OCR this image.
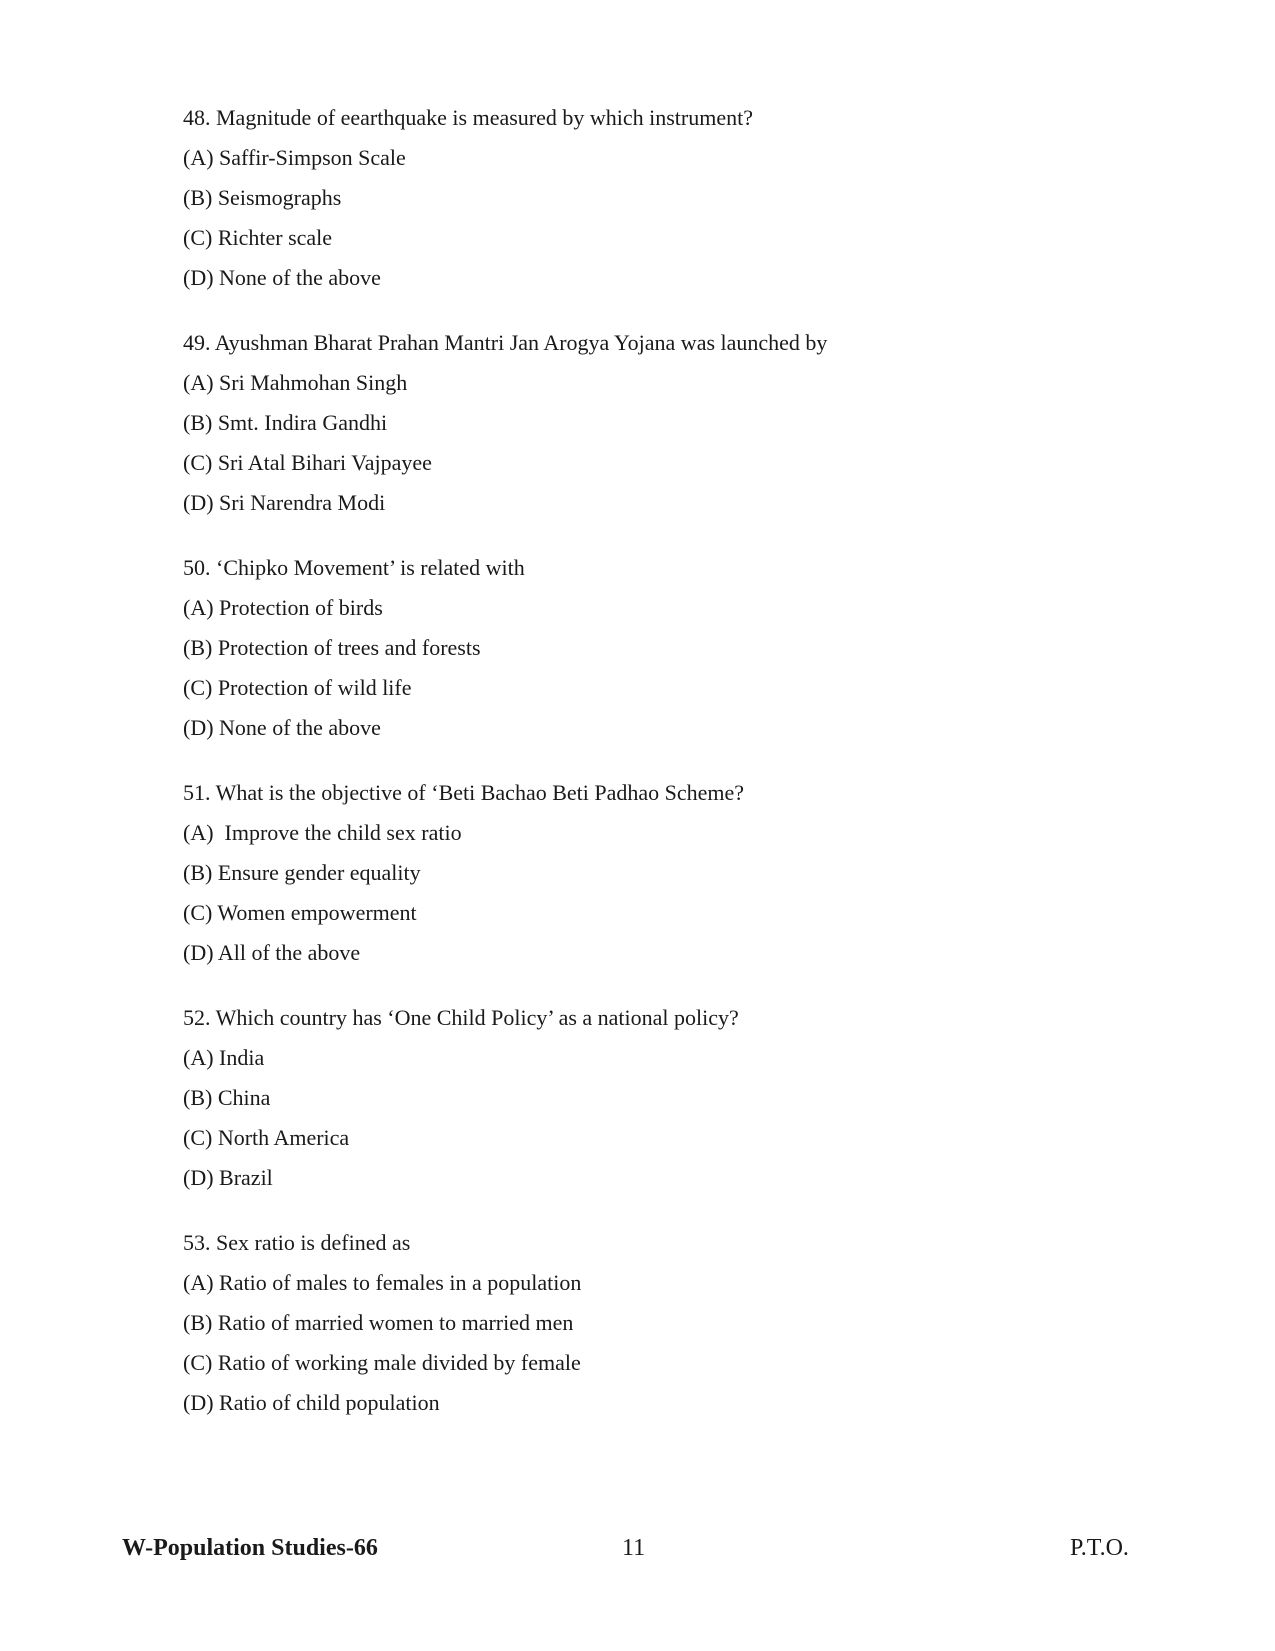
48. Magnitude of eearthquake is measured by which instrument?
(A) Saffir-Simpson Scale
(B) Seismographs
(C) Richter scale
(D) None of the above
49. Ayushman Bharat Prahan Mantri Jan Arogya Yojana was launched by
(A) Sri Mahmohan Singh
(B) Smt. Indira Gandhi
(C) Sri Atal Bihari Vajpayee
(D) Sri Narendra Modi
50. ‘Chipko Movement’ is related with
(A) Protection of birds
(B) Protection of trees and forests
(C) Protection of wild life
(D) None of the above
51. What is the objective of ‘Beti Bachao Beti Padhao Scheme?
(A)  Improve the child sex ratio
(B) Ensure gender equality
(C) Women empowerment
(D) All of the above
52. Which country has ‘One Child Policy’ as a national policy?
(A) India
(B) China
(C) North America
(D) Brazil
53. Sex ratio is defined as
(A) Ratio of males to females in a population
(B) Ratio of married women to married men
(C) Ratio of working male divided by female
(D) Ratio of child population
W-Population Studies-66	11	P.T.O.
